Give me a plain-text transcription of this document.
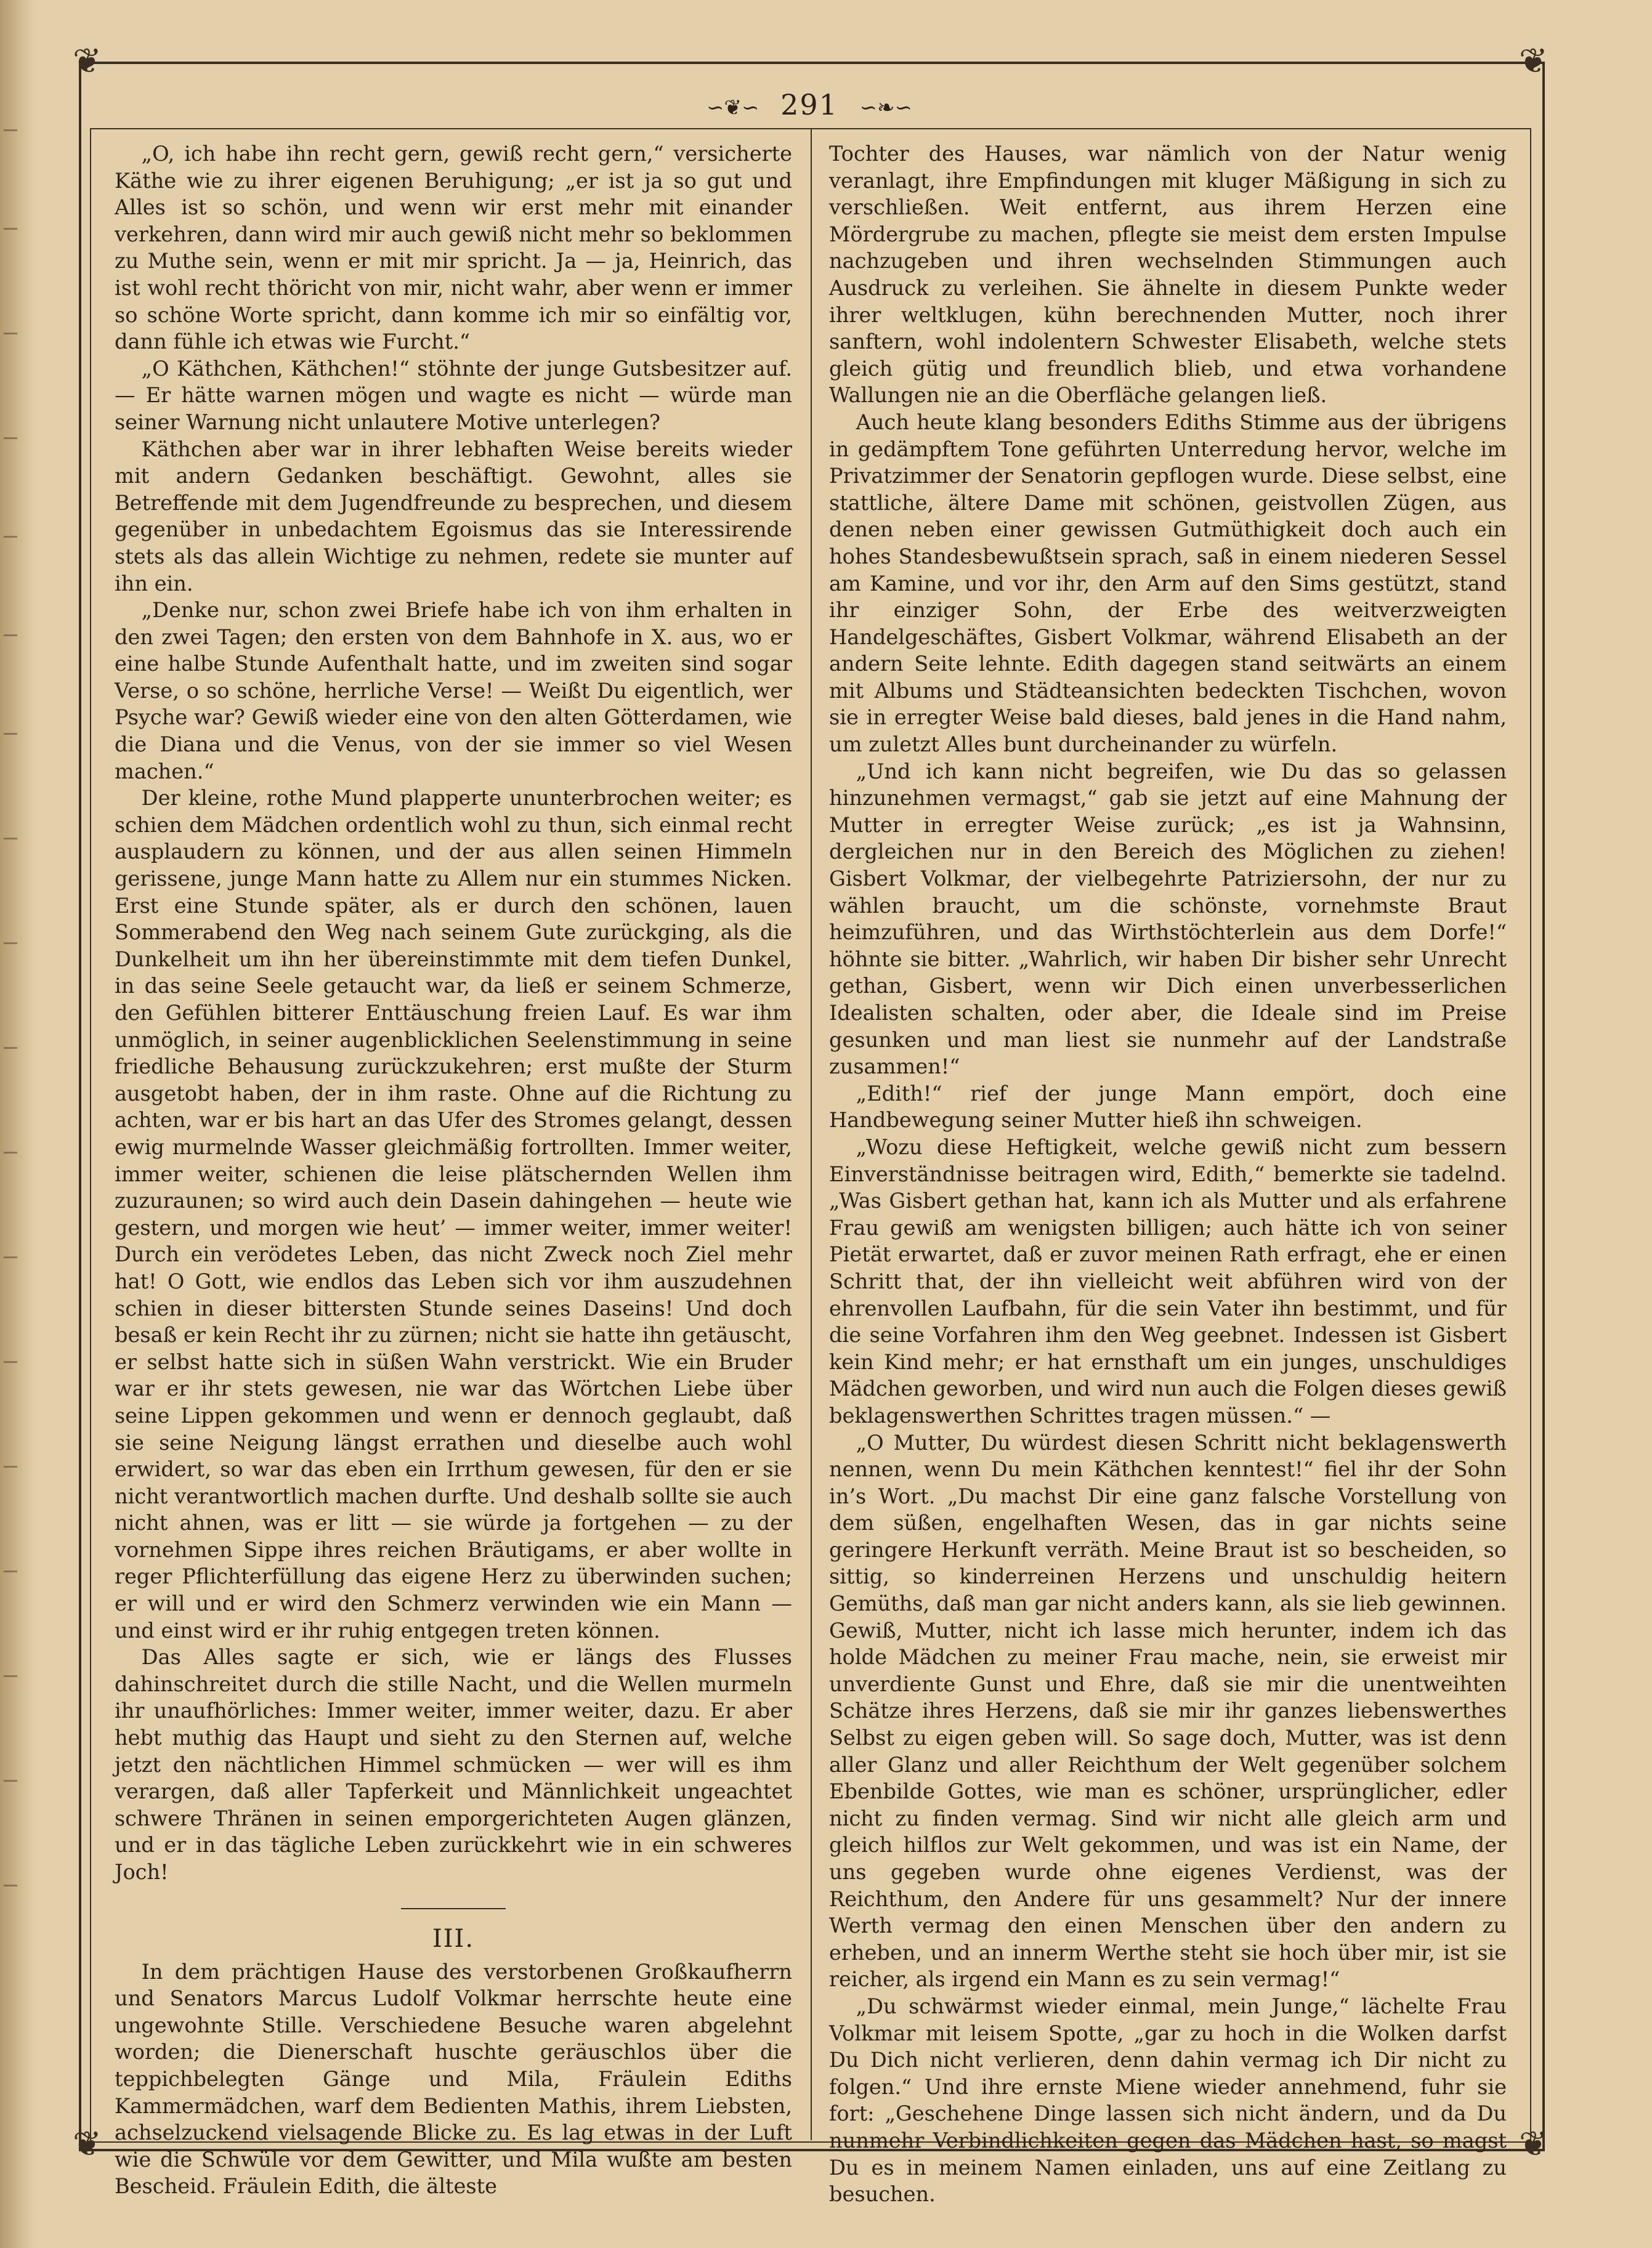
❦	❦
❦	❦
∽❦∽ 291 ∽❧∽

„O, ich habe ihn recht gern, gewiß recht gern,“ versicherte Käthe wie zu ihrer eigenen Beruhigung; „er ist ja so gut und Alles ist so schön, und wenn wir erst mehr mit einander verkehren, dann wird mir auch gewiß nicht mehr so beklommen zu Muthe sein, wenn er mit mir spricht. Ja — ja, Heinrich, das ist wohl recht thöricht von mir, nicht wahr, aber wenn er immer so schöne Worte spricht, dann komme ich mir so einfältig vor, dann fühle ich etwas wie Furcht.“

„O Käthchen, Käthchen!“ stöhnte der junge Gutsbesitzer auf. — Er hätte warnen mögen und wagte es nicht — würde man seiner Warnung nicht unlautere Motive unterlegen?

Käthchen aber war in ihrer lebhaften Weise bereits wieder mit andern Gedanken beschäftigt. Gewohnt, alles sie Betreffende mit dem Jugendfreunde zu besprechen, und diesem gegenüber in unbedachtem Egoismus das sie Interessirende stets als das allein Wichtige zu nehmen, redete sie munter auf ihn ein.

„Denke nur, schon zwei Briefe habe ich von ihm erhalten in den zwei Tagen; den ersten von dem Bahnhofe in X. aus, wo er eine halbe Stunde Aufenthalt hatte, und im zweiten sind sogar Verse, o so schöne, herrliche Verse! — Weißt Du eigentlich, wer Psyche war? Gewiß wieder eine von den alten Götterdamen, wie die Diana und die Venus, von der sie immer so viel Wesen machen.“

Der kleine, rothe Mund plapperte ununterbrochen weiter; es schien dem Mädchen ordentlich wohl zu thun, sich einmal recht ausplaudern zu können, und der aus allen seinen Himmeln gerissene, junge Mann hatte zu Allem nur ein stummes Nicken. Erst eine Stunde später, als er durch den schönen, lauen Sommerabend den Weg nach seinem Gute zurückging, als die Dunkelheit um ihn her übereinstimmte mit dem tiefen Dunkel, in das seine Seele getaucht war, da ließ er seinem Schmerze, den Gefühlen bitterer Enttäuschung freien Lauf. Es war ihm unmöglich, in seiner augenblicklichen Seelenstimmung in seine friedliche Behausung zurückzukehren; erst mußte der Sturm ausgetobt haben, der in ihm raste. Ohne auf die Richtung zu achten, war er bis hart an das Ufer des Stromes gelangt, dessen ewig murmelnde Wasser gleichmäßig fortrollten. Immer weiter, immer weiter, schienen die leise plätschernden Wellen ihm zuzuraunen; so wird auch dein Dasein dahingehen — heute wie gestern, und morgen wie heut’ — immer weiter, immer weiter! Durch ein verödetes Leben, das nicht Zweck noch Ziel mehr hat! O Gott, wie endlos das Leben sich vor ihm auszudehnen schien in dieser bittersten Stunde seines Daseins! Und doch besaß er kein Recht ihr zu zürnen; nicht sie hatte ihn getäuscht, er selbst hatte sich in süßen Wahn verstrickt. Wie ein Bruder war er ihr stets gewesen, nie war das Wörtchen Liebe über seine Lippen gekommen und wenn er dennoch geglaubt, daß sie seine Neigung längst errathen und dieselbe auch wohl erwidert, so war das eben ein Irrthum gewesen, für den er sie nicht verantwortlich machen durfte. Und deshalb sollte sie auch nicht ahnen, was er litt — sie würde ja fortgehen — zu der vornehmen Sippe ihres reichen Bräutigams, er aber wollte in reger Pflichterfüllung das eigene Herz zu überwinden suchen; er will und er wird den Schmerz verwinden wie ein Mann — und einst wird er ihr ruhig entgegen treten können.

Das Alles sagte er sich, wie er längs des Flusses dahinschreitet durch die stille Nacht, und die Wellen murmeln ihr unaufhörliches: Immer weiter, immer weiter, dazu. Er aber hebt muthig das Haupt und sieht zu den Sternen auf, welche jetzt den nächtlichen Himmel schmücken — wer will es ihm verargen, daß aller Tapferkeit und Männlichkeit ungeachtet schwere Thränen in seinen emporgerichteten Augen glänzen, und er in das tägliche Leben zurückkehrt wie in ein schweres Joch!

III.

In dem prächtigen Hause des verstorbenen Großkaufherrn und Senators Marcus Ludolf Volkmar herrschte heute eine ungewohnte Stille. Verschiedene Besuche waren abgelehnt worden; die Dienerschaft huschte geräuschlos über die teppichbelegten Gänge und Mila, Fräulein Ediths Kammermädchen, warf dem Bedienten Mathis, ihrem Liebsten, achselzuckend vielsagende Blicke zu. Es lag etwas in der Luft wie die Schwüle vor dem Gewitter, und Mila wußte am besten Bescheid. Fräulein Edith, die älteste

Tochter des Hauses, war nämlich von der Natur wenig veranlagt, ihre Empfindungen mit kluger Mäßigung in sich zu verschließen. Weit entfernt, aus ihrem Herzen eine Mördergrube zu machen, pflegte sie meist dem ersten Impulse nachzugeben und ihren wechselnden Stimmungen auch Ausdruck zu verleihen. Sie ähnelte in diesem Punkte weder ihrer weltklugen, kühn berechnenden Mutter, noch ihrer sanftern, wohl indolentern Schwester Elisabeth, welche stets gleich gütig und freundlich blieb, und etwa vorhandene Wallungen nie an die Oberfläche gelangen ließ.

Auch heute klang besonders Ediths Stimme aus der übrigens in gedämpftem Tone geführten Unterredung hervor, welche im Privatzimmer der Senatorin gepflogen wurde. Diese selbst, eine stattliche, ältere Dame mit schönen, geistvollen Zügen, aus denen neben einer gewissen Gutmüthigkeit doch auch ein hohes Standesbewußtsein sprach, saß in einem niederen Sessel am Kamine, und vor ihr, den Arm auf den Sims gestützt, stand ihr einziger Sohn, der Erbe des weitverzweigten Handelgeschäftes, Gisbert Volkmar, während Elisabeth an der andern Seite lehnte. Edith dagegen stand seitwärts an einem mit Albums und Städteansichten bedeckten Tischchen, wovon sie in erregter Weise bald dieses, bald jenes in die Hand nahm, um zuletzt Alles bunt durcheinander zu würfeln.

„Und ich kann nicht begreifen, wie Du das so gelassen hinzunehmen vermagst,“ gab sie jetzt auf eine Mahnung der Mutter in erregter Weise zurück; „es ist ja Wahnsinn, dergleichen nur in den Bereich des Möglichen zu ziehen! Gisbert Volkmar, der vielbegehrte Patriziersohn, der nur zu wählen braucht, um die schönste, vornehmste Braut heimzuführen, und das Wirthstöchterlein aus dem Dorfe!“ höhnte sie bitter. „Wahrlich, wir haben Dir bisher sehr Unrecht gethan, Gisbert, wenn wir Dich einen unverbesserlichen Idealisten schalten, oder aber, die Ideale sind im Preise gesunken und man liest sie nunmehr auf der Landstraße zusammen!“

„Edith!“ rief der junge Mann empört, doch eine Handbewegung seiner Mutter hieß ihn schweigen.

„Wozu diese Heftigkeit, welche gewiß nicht zum bessern Einverständnisse beitragen wird, Edith,“ bemerkte sie tadelnd. „Was Gisbert gethan hat, kann ich als Mutter und als erfahrene Frau gewiß am wenigsten billigen; auch hätte ich von seiner Pietät erwartet, daß er zuvor meinen Rath erfragt, ehe er einen Schritt that, der ihn vielleicht weit abführen wird von der ehrenvollen Laufbahn, für die sein Vater ihn bestimmt, und für die seine Vorfahren ihm den Weg geebnet. Indessen ist Gisbert kein Kind mehr; er hat ernsthaft um ein junges, unschuldiges Mädchen geworben, und wird nun auch die Folgen dieses gewiß beklagenswerthen Schrittes tragen müssen.“ —

„O Mutter, Du würdest diesen Schritt nicht beklagenswerth nennen, wenn Du mein Käthchen kenntest!“ fiel ihr der Sohn in’s Wort. „Du machst Dir eine ganz falsche Vorstellung von dem süßen, engelhaften Wesen, das in gar nichts seine geringere Herkunft verräth. Meine Braut ist so bescheiden, so sittig, so kinderreinen Herzens und unschuldig heitern Gemüths, daß man gar nicht anders kann, als sie lieb gewinnen. Gewiß, Mutter, nicht ich lasse mich herunter, indem ich das holde Mädchen zu meiner Frau mache, nein, sie erweist mir unverdiente Gunst und Ehre, daß sie mir die unentweihten Schätze ihres Herzens, daß sie mir ihr ganzes liebenswerthes Selbst zu eigen geben will. So sage doch, Mutter, was ist denn aller Glanz und aller Reichthum der Welt gegenüber solchem Ebenbilde Gottes, wie man es schöner, ursprünglicher, edler nicht zu finden vermag. Sind wir nicht alle gleich arm und gleich hilflos zur Welt gekommen, und was ist ein Name, der uns gegeben wurde ohne eigenes Verdienst, was der Reichthum, den Andere für uns gesammelt? Nur der innere Werth vermag den einen Menschen über den andern zu erheben, und an innerm Werthe steht sie hoch über mir, ist sie reicher, als irgend ein Mann es zu sein vermag!“

„Du schwärmst wieder einmal, mein Junge,“ lächelte Frau Volkmar mit leisem Spotte, „gar zu hoch in die Wolken darfst Du Dich nicht verlieren, denn dahin vermag ich Dir nicht zu folgen.“ Und ihre ernste Miene wieder annehmend, fuhr sie fort: „Geschehene Dinge lassen sich nicht ändern, und da Du nunmehr Verbindlichkeiten gegen das Mädchen hast, so magst Du es in meinem Namen einladen, uns auf eine Zeitlang zu besuchen.
